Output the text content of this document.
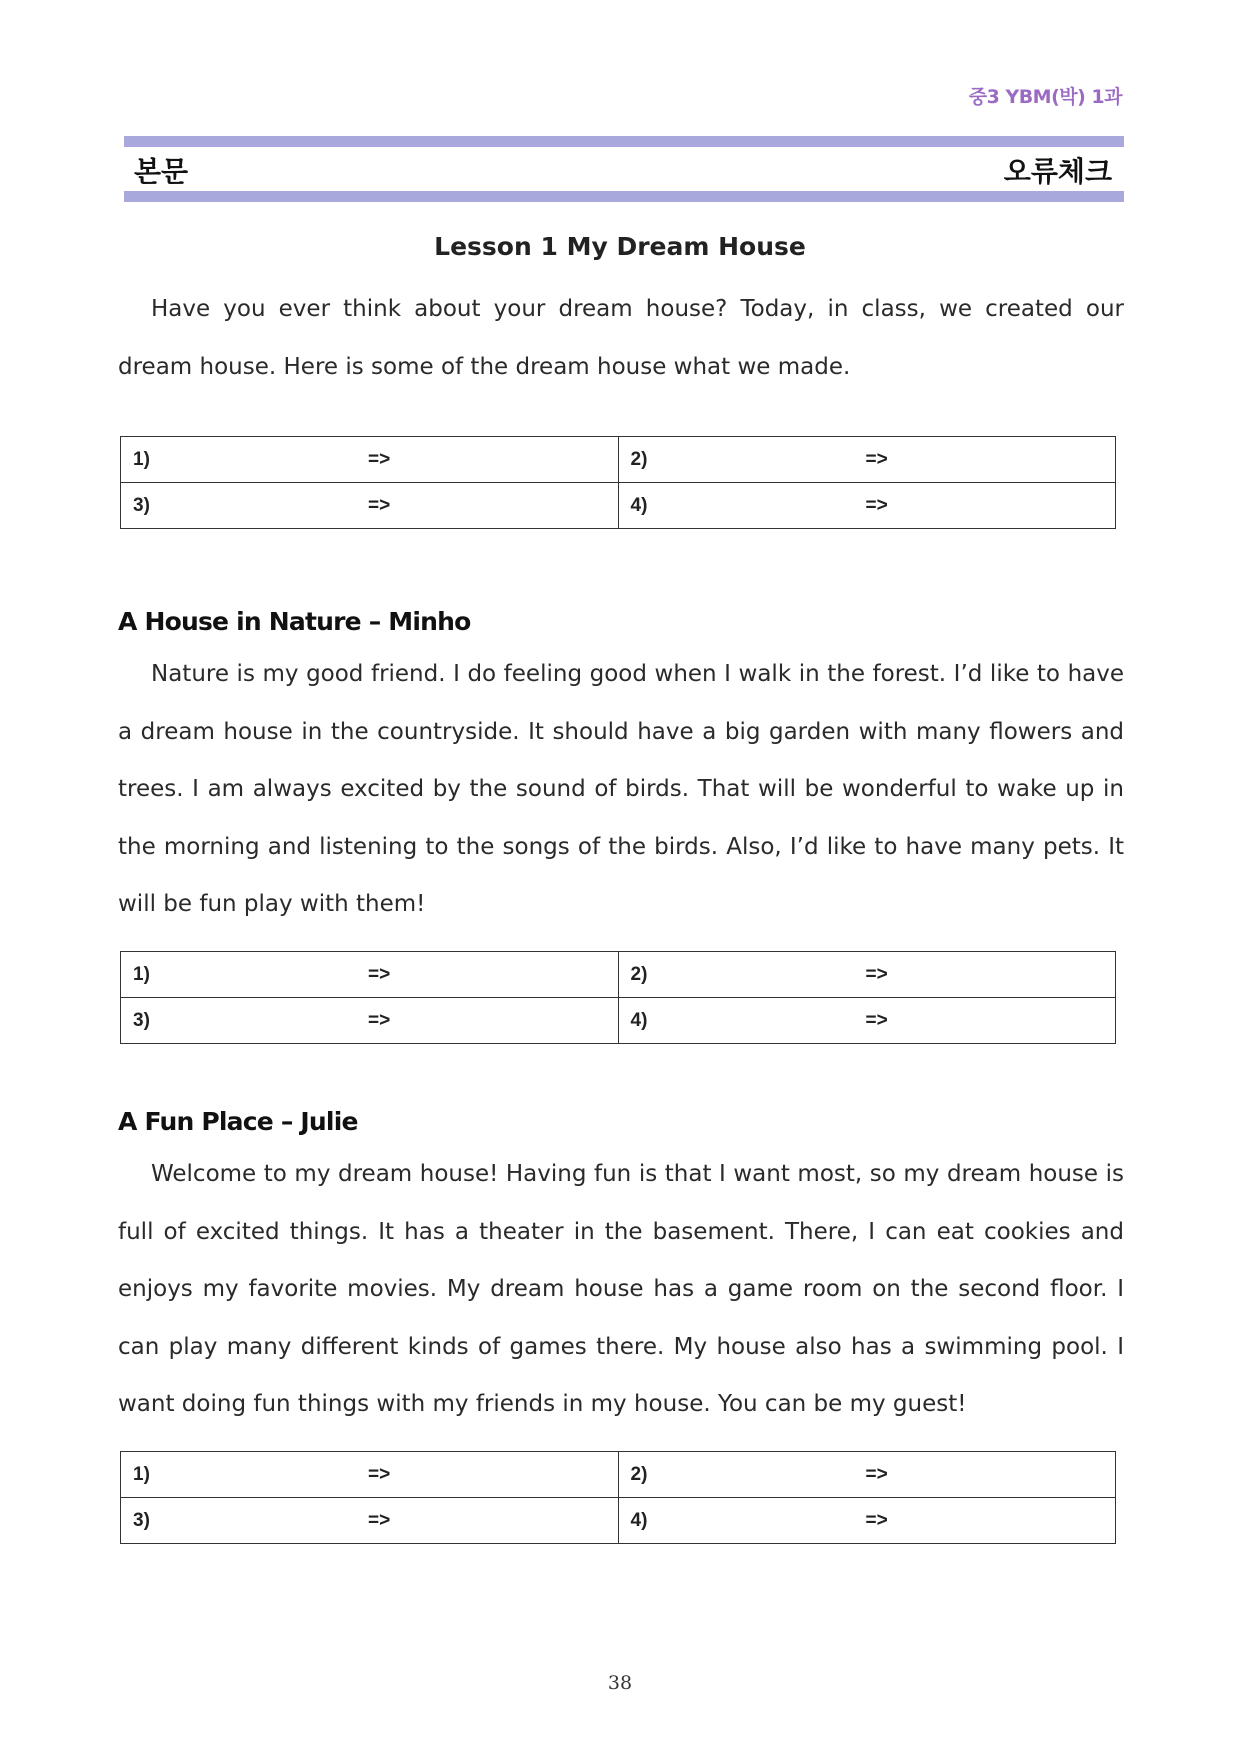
중3 YBM(박) 1과
본문	오류체크
Lesson 1 My Dream House

Have you ever think about your dream house? Today, in class, we created our dream house. Here is some of the dream house what we made.

1) =>	2) =>

3) =>	4) =>
A House in Nature – Minho

Nature is my good friend. I do feeling good when I walk in the forest. I’d like to have a dream house in the countryside. It should have a big garden with many flowers and trees. I am always excited by the sound of birds. That will be wonderful to wake up in the morning and listening to the songs of the birds. Also, I’d like to have many pets. It will be fun play with them!

1) =>	2) =>

3) =>	4) =>
A Fun Place – Julie

Welcome to my dream house! Having fun is that I want most, so my dream house is full of excited things. It has a theater in the basement. There, I can eat cookies and enjoys my favorite movies. My dream house has a game room on the second floor. I can play many different kinds of games there. My house also has a swimming pool. I want doing fun things with my friends in my house. You can be my guest!

1) =>	2) =>

3) =>	4) =>
38
